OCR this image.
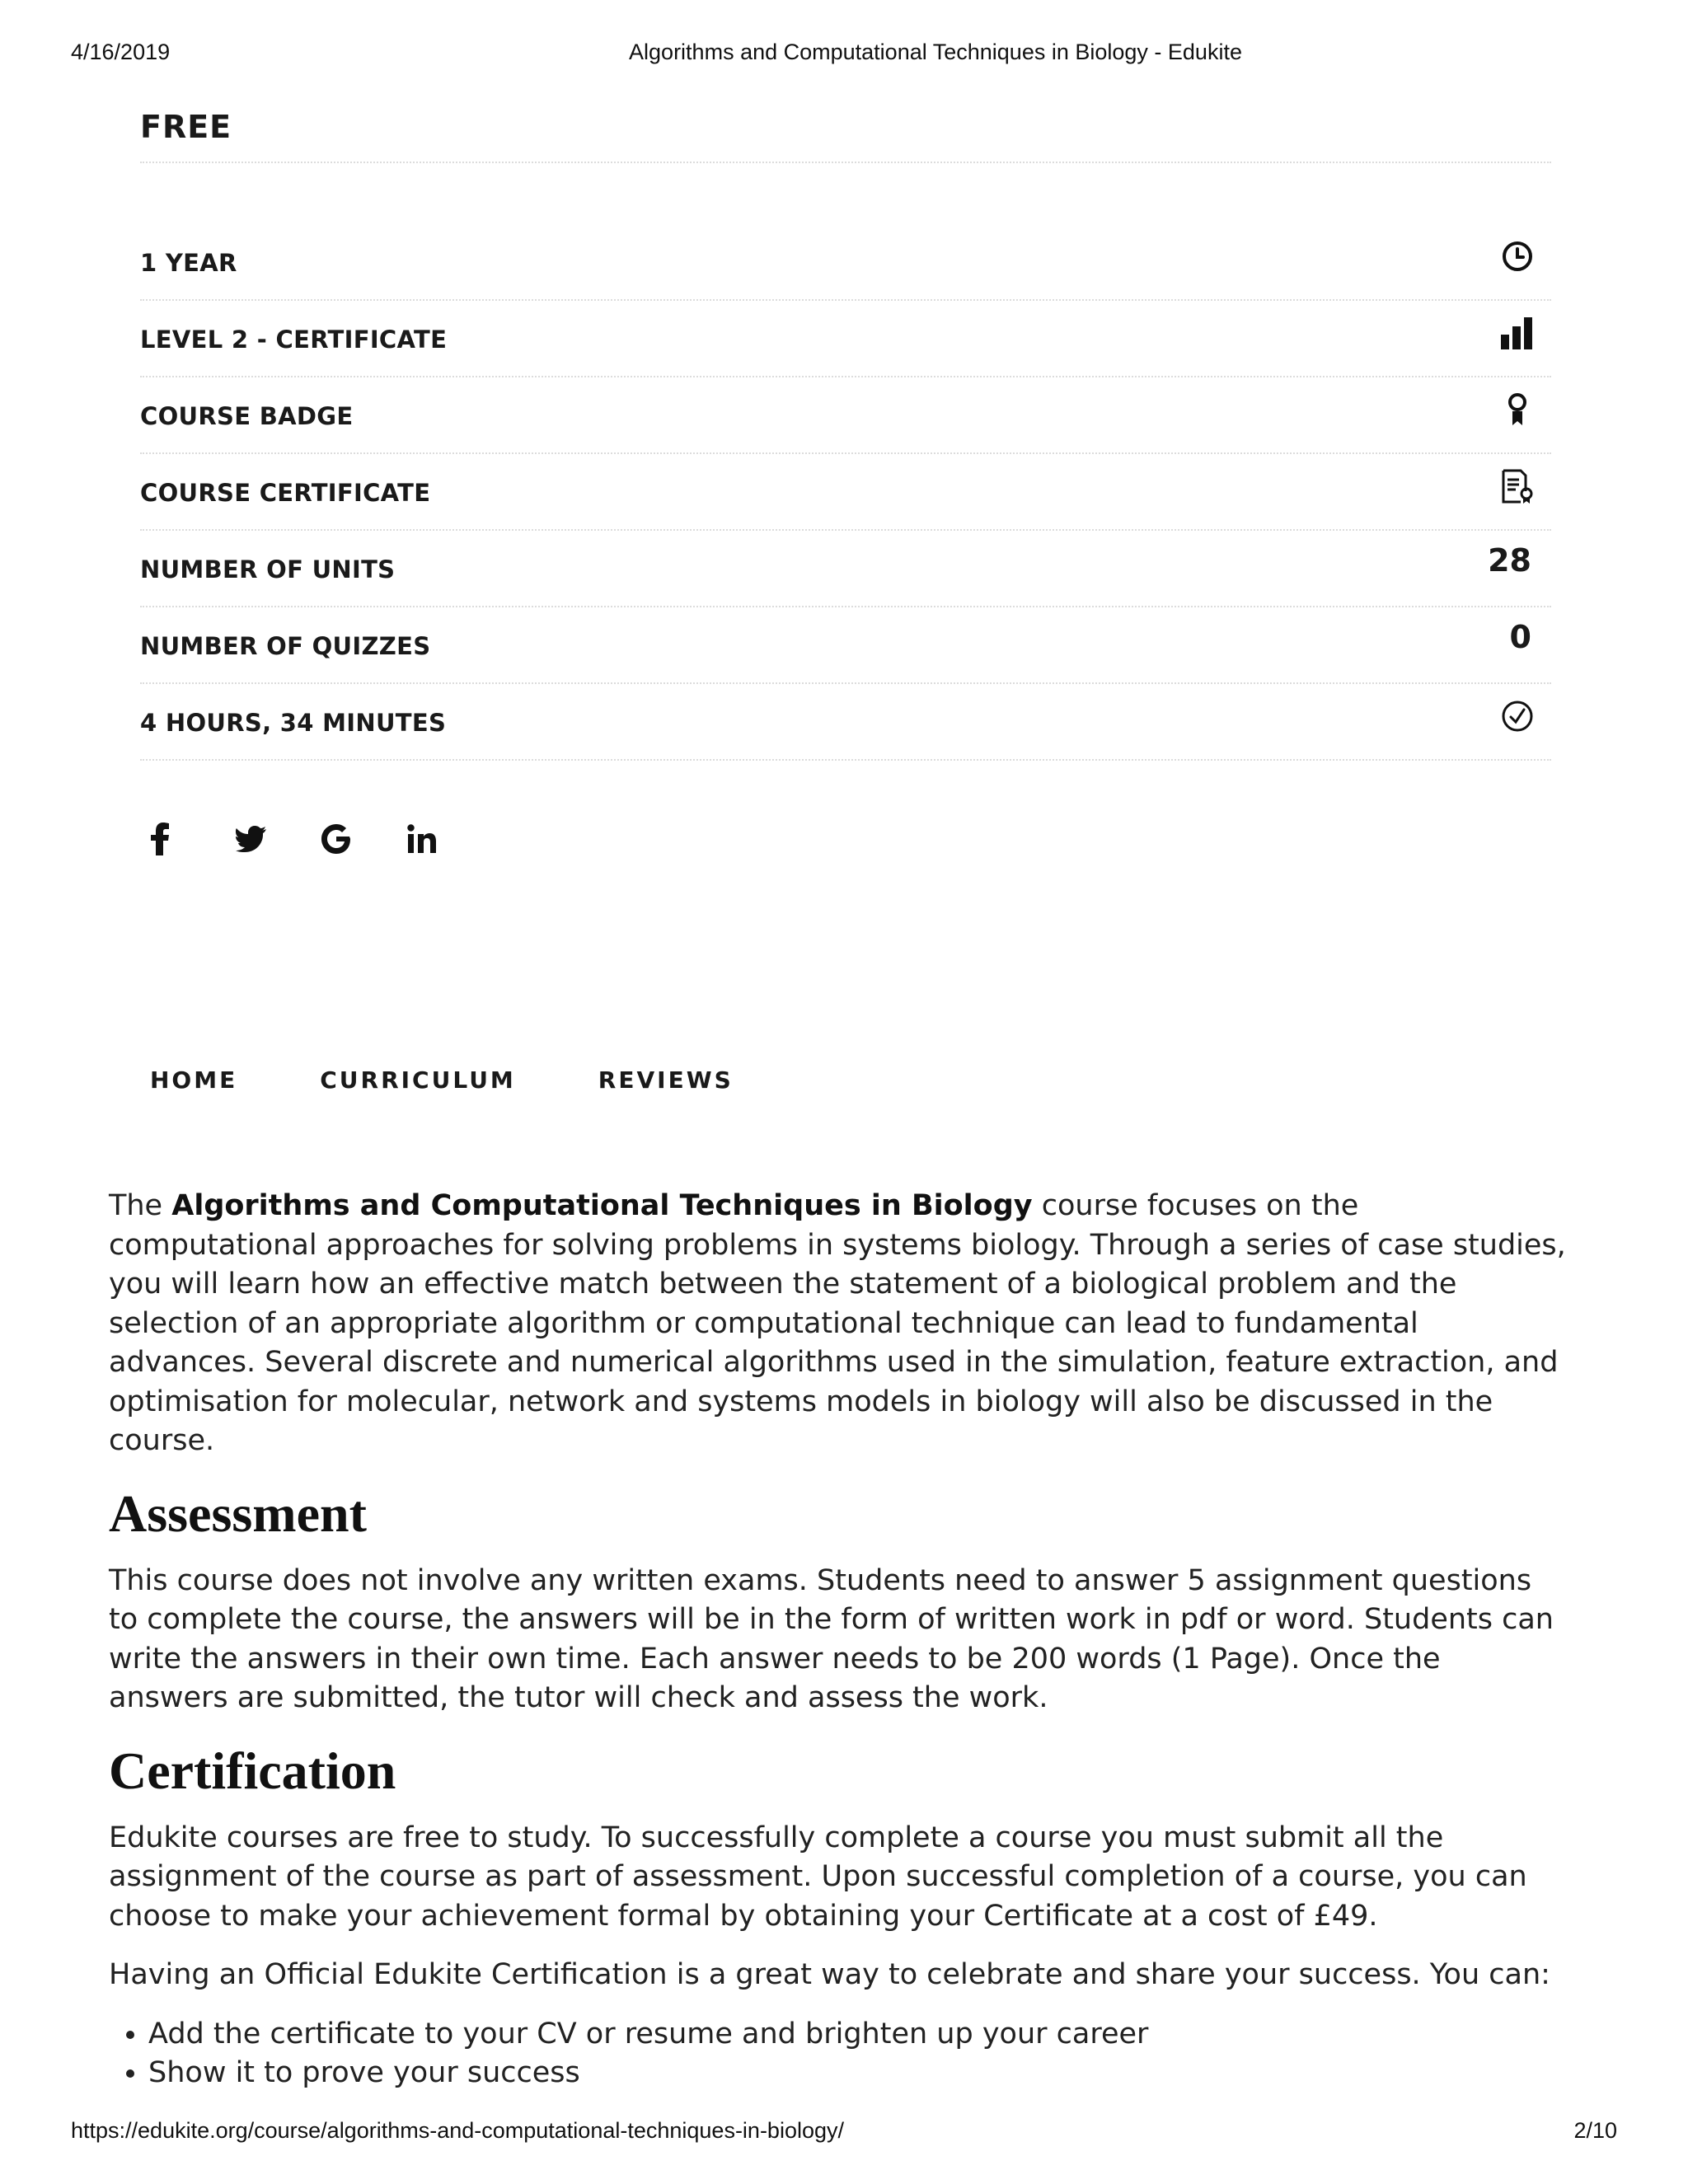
4/16/2019	Algorithms and Computational Techniques in Biology - Edukite
FREE
1 YEAR
LEVEL 2 - CERTIFICATE
COURSE BADGE
COURSE CERTIFICATE
NUMBER OF UNITS	28
NUMBER OF QUIZZES	0
4 HOURS, 34 MINUTES
HOME	CURRICULUM	REVIEWS

The Algorithms and Computational Techniques in Biology course focuses on the computational approaches for solving problems in systems biology. Through a series of case studies, you will learn how an effective match between the statement of a biological problem and the selection of an appropriate algorithm or computational technique can lead to fundamental advances. Several discrete and numerical algorithms used in the simulation, feature extraction, and optimisation for molecular, network and systems models in biology will also be discussed in the course.

Assessment

This course does not involve any written exams. Students need to answer 5 assignment questions to complete the course, the answers will be in the form of written work in pdf or word. Students can write the answers in their own time. Each answer needs to be 200 words (1 Page). Once the answers are submitted, the tutor will check and assess the work.

Certification

Edukite courses are free to study. To successfully complete a course you must submit all the assignment of the course as part of assessment. Upon successful completion of a course, you can choose to make your achievement formal by obtaining your Certificate at a cost of £49.

Having an Official Edukite Certification is a great way to celebrate and share your success. You can:

• Add the certificate to your CV or resume and brighten up your career
• Show it to prove your success
https://edukite.org/course/algorithms-and-computational-techniques-in-biology/	2/10
